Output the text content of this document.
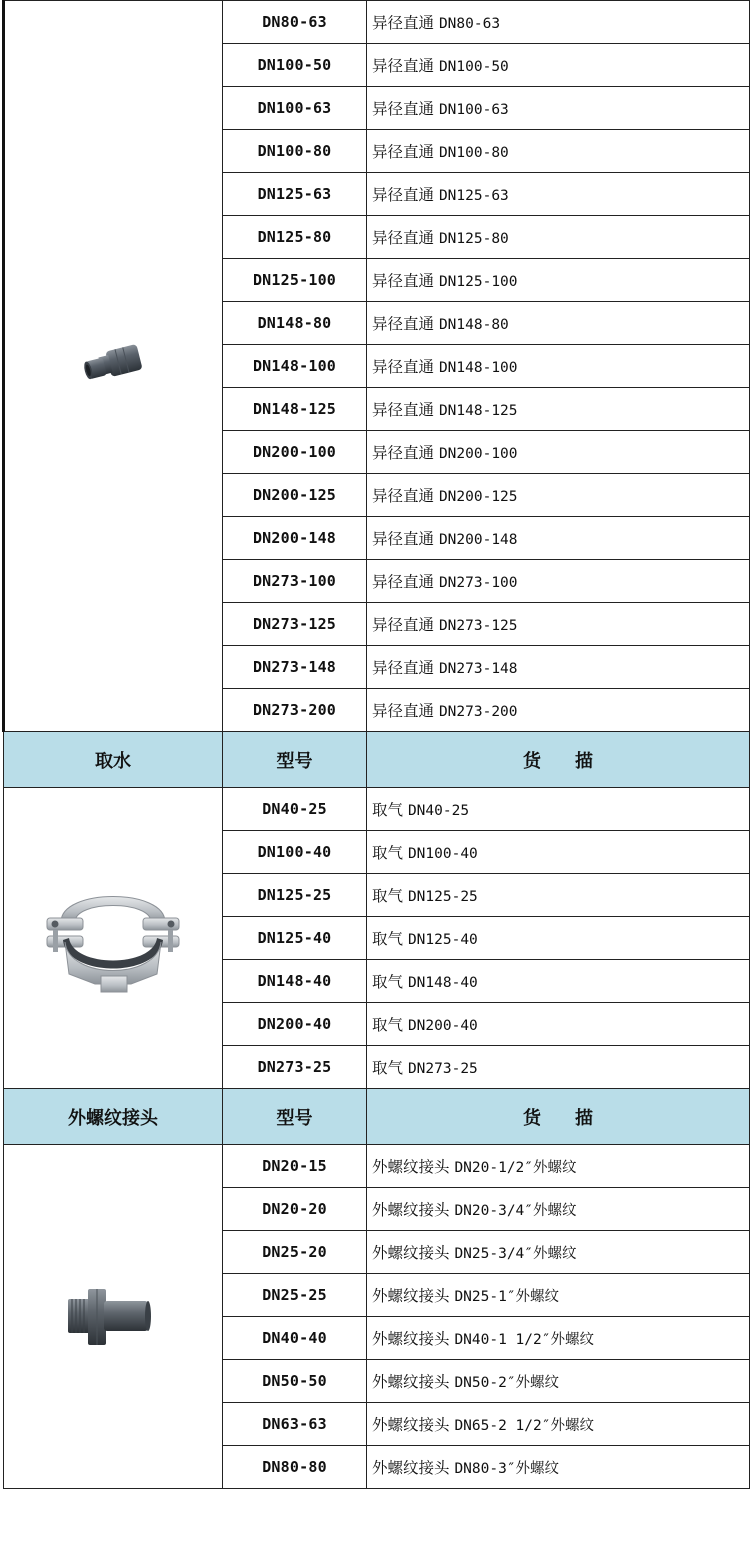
	DN80-63	异径直通 DN80-63
	DN100-50	异径直通 DN100-50
	DN100-63	异径直通 DN100-63
	DN100-80	异径直通 DN100-80
	DN125-63	异径直通 DN125-63
	DN125-80	异径直通 DN125-80
	DN125-100	异径直通 DN125-100
	DN148-80	异径直通 DN148-80
	DN148-100	异径直通 DN148-100
	DN148-125	异径直通 DN148-125
	DN200-100	异径直通 DN200-100
	DN200-125	异径直通 DN200-125
	DN200-148	异径直通 DN200-148
	DN273-100	异径直通 DN273-100
	DN273-125	异径直通 DN273-125
	DN273-148	异径直通 DN273-148
	DN273-200	异径直通 DN273-200
取水	型号	货 描

	DN40-25	取气 DN40-25
	DN100-40	取气 DN100-40
	DN125-25	取气 DN125-25
	DN125-40	取气 DN125-40
	DN148-40	取气 DN148-40
	DN200-40	取气 DN200-40
	DN273-25	取气 DN273-25
外螺纹接头	型号	货 描

	DN20-15	外螺纹接头 DN20-1/2″外螺纹
	DN20-20	外螺纹接头 DN20-3/4″外螺纹
	DN25-20	外螺纹接头 DN25-3/4″外螺纹
	DN25-25	外螺纹接头 DN25-1″外螺纹
	DN40-40	外螺纹接头 DN40-1 1/2″外螺纹
	DN50-50	外螺纹接头 DN50-2″外螺纹
	DN63-63	外螺纹接头 DN65-2 1/2″外螺纹
	DN80-80	外螺纹接头 DN80-3″外螺纹
